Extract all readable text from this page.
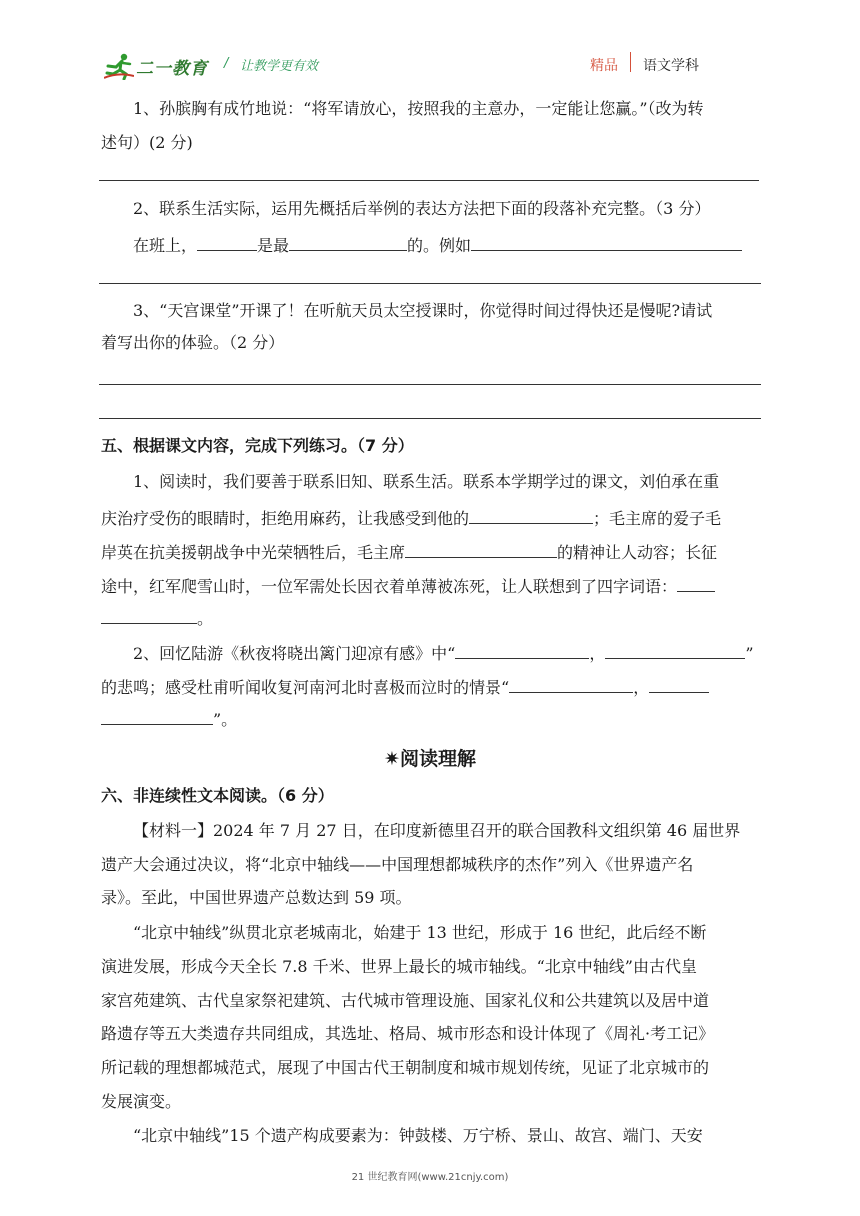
二一教育 / 让教学更有效	精品 语文学科
1、孙膑胸有成竹地说：“将军请放心，按照我的主意办，一定能让您赢。”（改为转
述句）(2 分)
2、联系生活实际，运用先概括后举例的表达方法把下面的段落补充完整。（3 分）
在班上，	是最	的。例如
3、“天宫课堂”开课了！在听航天员太空授课时，你觉得时间过得快还是慢呢?请试
着写出你的体验。（2 分）
五、根据课文内容，完成下列练习。（7 分）
1、阅读时，我们要善于联系旧知、联系生活。联系本学期学过的课文，刘伯承在重
庆治疗受伤的眼睛时，拒绝用麻药，让我感受到他的	；毛主席的爱子毛
岸英在抗美援朝战争中光荣牺牲后，毛主席	的精神让人动容；长征
途中，红军爬雪山时，一位军需处长因衣着单薄被冻死，让人联想到了四字词语：
。
2、回忆陆游《秋夜将晓出篱门迎凉有感》中“	，	”
的悲鸣；感受杜甫听闻收复河南河北时喜极而泣时的情景“	，
”。
✷阅读理解
六、非连续性文本阅读。（6 分）
【材料一】2024 年 7 月 27 日，在印度新德里召开的联合国教科文组织第 46 届世界
遗产大会通过决议，将“北京中轴线——中国理想都城秩序的杰作”列入《世界遗产名
录》。至此，中国世界遗产总数达到 59 项。
“北京中轴线”纵贯北京老城南北，始建于 13 世纪，形成于 16 世纪，此后经不断
演进发展，形成今天全长 7.8 千米、世界上最长的城市轴线。“北京中轴线”由古代皇
家宫苑建筑、古代皇家祭祀建筑、古代城市管理设施、国家礼仪和公共建筑以及居中道
路遗存等五大类遗存共同组成，其选址、格局、城市形态和设计体现了《周礼·考工记》
所记载的理想都城范式，展现了中国古代王朝制度和城市规划传统，见证了北京城市的
发展演变。
“北京中轴线”15 个遗产构成要素为：钟鼓楼、万宁桥、景山、故宫、端门、天安
21 世纪教育网(www.21cnjy.com)
